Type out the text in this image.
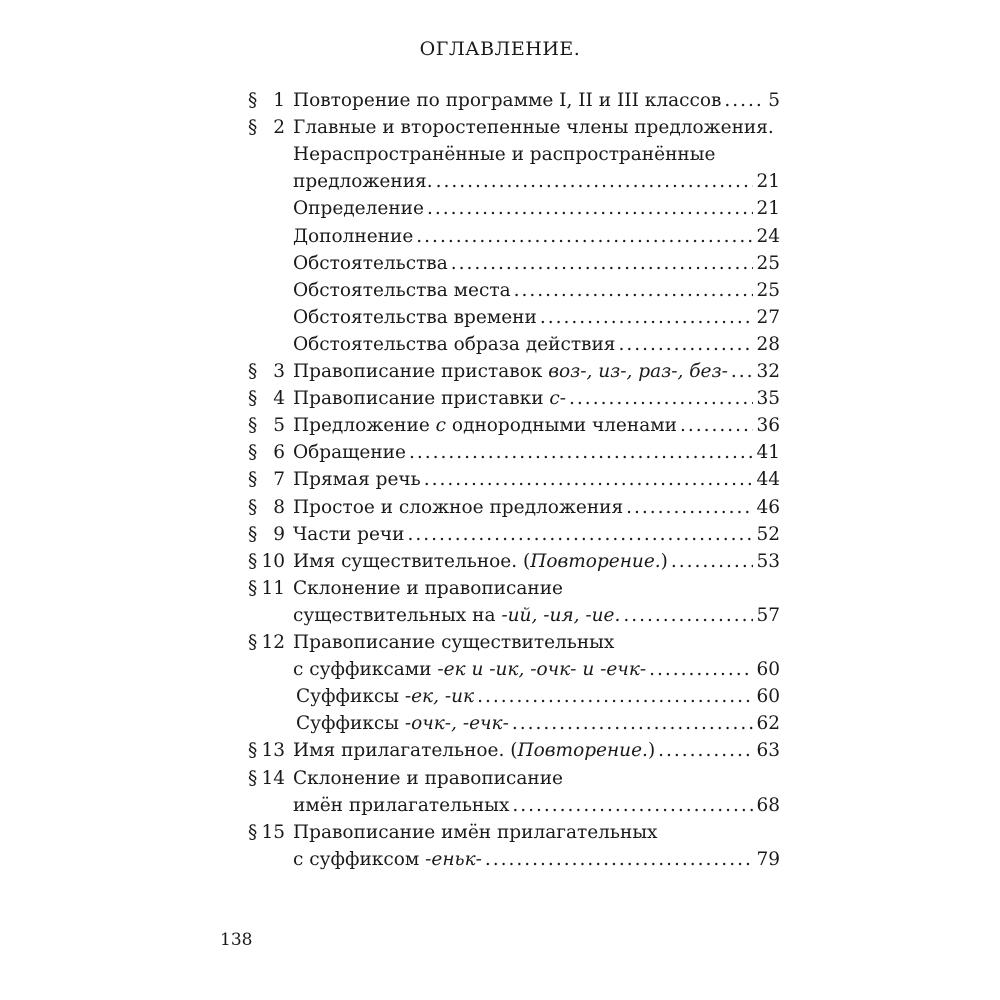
ОГЛАВЛЕНИЕ.
§ 1 Повторение по программе I, II и III классов .....	5
§ 2 Главные и второстепенные члены предложения.
Нераспространённые и распространённые
предложения. .....	21
Определение .....	21
Дополнение .....	24
Обстоятельства .....	25
Обстоятельства места .....	25
Обстоятельства времени .....	27
Обстоятельства образа действия .....	28
§ 3 Правописание приставок воз-, из-, раз-, без- ..... 32
§ 4 Правописание приставки с- .....	35
§ 5 Предложение с однородными членами .....	36
§ 6 Обращение .....	41
§ 7 Прямая речь .....	44
§ 8 Простое и сложное предложения .....	46
§ 9 Части речи .....	52
§ 10 Имя существительное. (Повторение.) .....	53
§ 11 Склонение и правописание
существительных на -ий, -ия, -ие. .....	57
§ 12 Правописание существительных
с суффиксами -ек и -ик, -очк- и -ечк- .....	60
Суффиксы -ек, -ик .....	60
Суффиксы -очк-, -ечк- .....	62
§ 13 Имя прилагательное. (Повторение.) .....	63
§ 14 Склонение и правописание
имён прилагательных .....	68
§ 15 Правописание имён прилагательных
с суффиксом -еньк- .....	79
138
